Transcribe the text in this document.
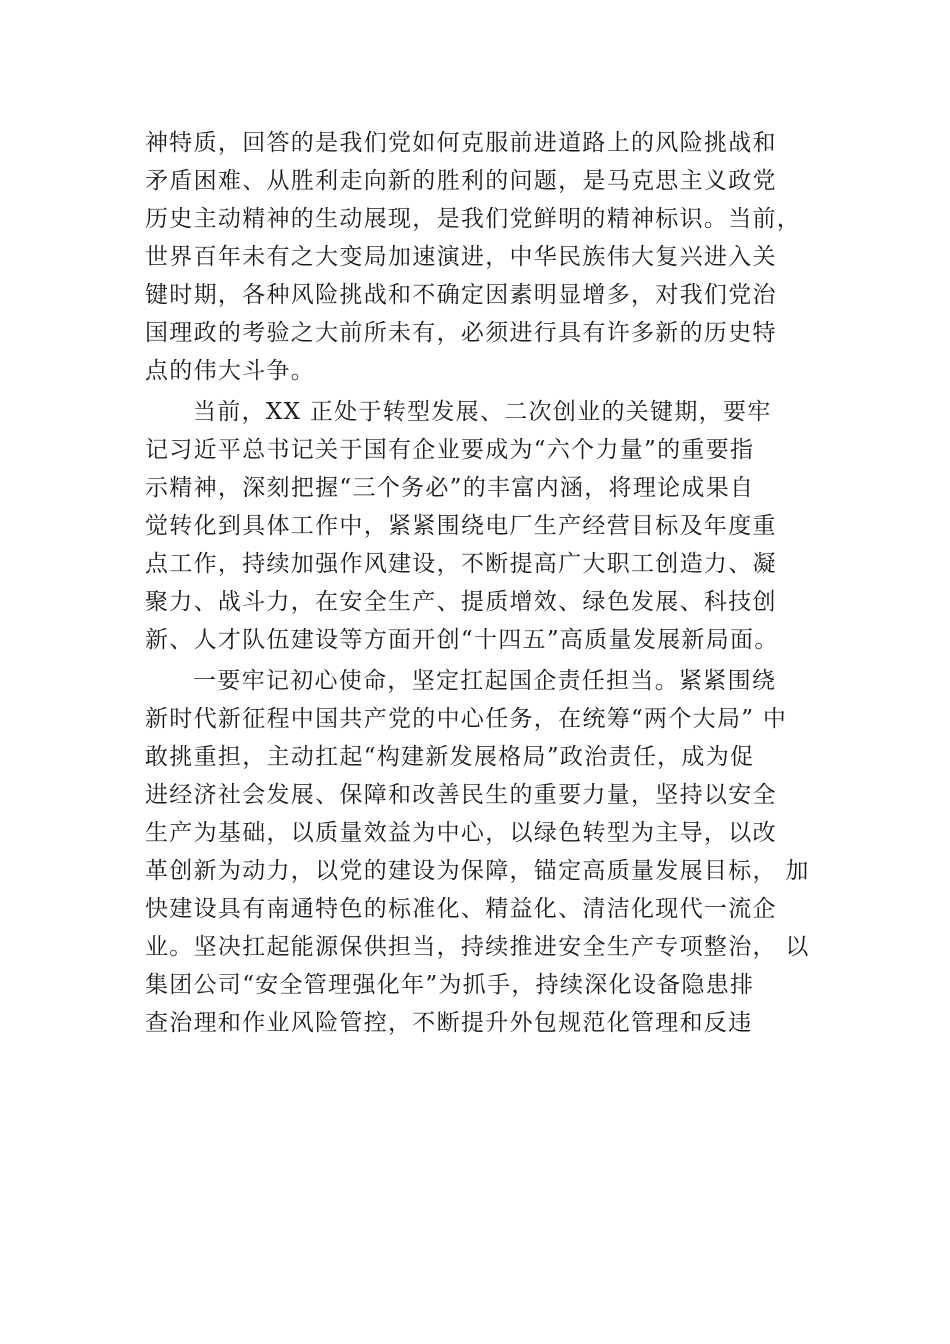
神特质，回答的是我们党如何克服前进道路上的风险挑战和
矛盾困难、从胜利走向新的胜利的问题，是马克思主义政党
历史主动精神的生动展现，是我们党鲜明的精神标识。当前，
世界百年未有之大变局加速演进，中华民族伟大复兴进入关
键时期，各种风险挑战和不确定因素明显增多，对我们党治
国理政的考验之大前所未有，必须进行具有许多新的历史特
点的伟大斗争。
当前，XX 正处于转型发展、二次创业的关键期，要牢
记习近平总书记关于国有企业要成为“六个力量”的重要指
示精神，深刻把握“三个务必”的丰富内涵，将理论成果自
觉转化到具体工作中，紧紧围绕电厂生产经营目标及年度重
点工作，持续加强作风建设，不断提高广大职工创造力、凝
聚力、战斗力，在安全生产、提质增效、绿色发展、科技创
新、人才队伍建设等方面开创“十四五”高质量发展新局面。
一要牢记初心使命，坚定扛起国企责任担当。紧紧围绕
新时代新征程中国共产党的中心任务，在统筹“两个大局” 中
敢挑重担，主动扛起“构建新发展格局”政治责任，成为促
进经济社会发展、保障和改善民生的重要力量，坚持以安全
生产为基础，以质量效益为中心，以绿色转型为主导，以改
革创新为动力，以党的建设为保障，锚定高质量发展目标， 加
快建设具有南通特色的标准化、精益化、清洁化现代一流企
业。坚决扛起能源保供担当，持续推进安全生产专项整治， 以
集团公司“安全管理强化年”为抓手，持续深化设备隐患排
查治理和作业风险管控，不断提升外包规范化管理和反违
